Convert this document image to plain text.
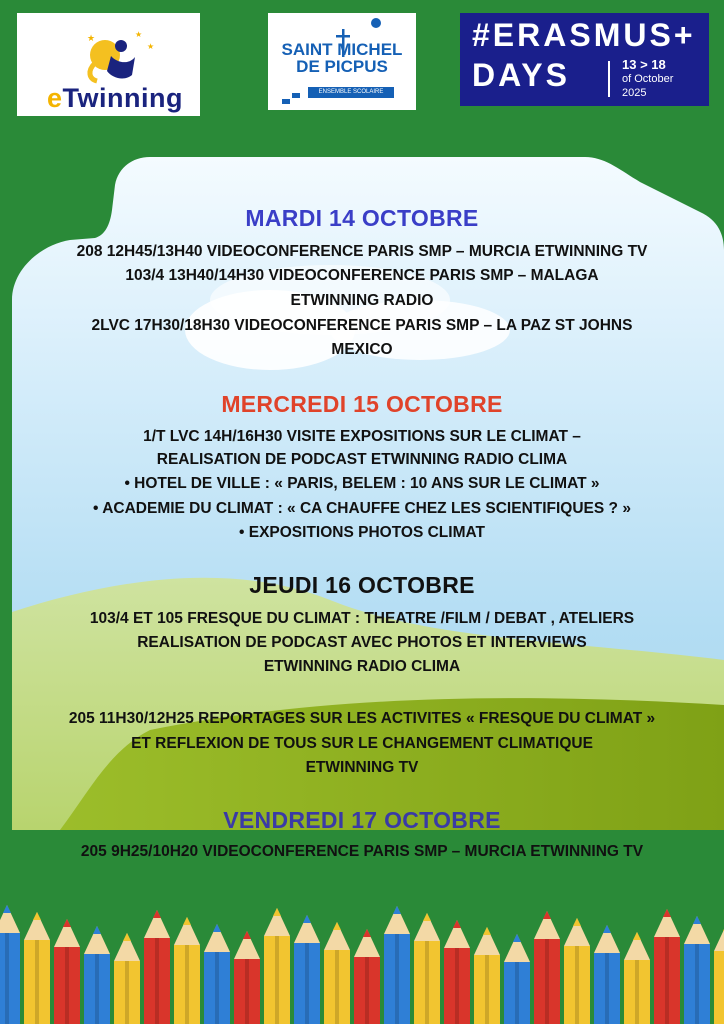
★	★
★
eTwinning
SAINT MICHEL
DE PICPUS
ENSEMBLE SCOLAIRE
#ERASMUS+
DAYS	13 > 18
of October
2025
MARDI 14 OCTOBRE
208 12H45/13H40 VIDEOCONFERENCE PARIS SMP – MURCIA ETWINNING TV
103/4 13H40/14H30 VIDEOCONFERENCE PARIS SMP – MALAGA
ETWINNING RADIO
2LVC 17H30/18H30 VIDEOCONFERENCE PARIS SMP – LA PAZ ST JOHNS
MEXICO
MERCREDI 15 OCTOBRE
1/T LVC 14H/16H30 VISITE EXPOSITIONS SUR LE CLIMAT –
REALISATION DE PODCAST ETWINNING RADIO CLIMA
• HOTEL DE VILLE : « PARIS, BELEM : 10 ANS SUR LE CLIMAT »
• ACADEMIE DU CLIMAT : « CA CHAUFFE CHEZ LES SCIENTIFIQUES ? »
• EXPOSITIONS PHOTOS CLIMAT
JEUDI 16 OCTOBRE
103/4 ET 105 FRESQUE DU CLIMAT : THEATRE /FILM / DEBAT , ATELIERS
REALISATION DE PODCAST AVEC PHOTOS ET INTERVIEWS
ETWINNING RADIO CLIMA
205 11H30/12H25 REPORTAGES SUR LES ACTIVITES « FRESQUE DU CLIMAT »
ET REFLEXION DE TOUS SUR LE CHANGEMENT CLIMATIQUE
ETWINNING TV
VENDREDI 17 OCTOBRE
205 9H25/10H20 VIDEOCONFERENCE PARIS SMP – MURCIA ETWINNING TV
